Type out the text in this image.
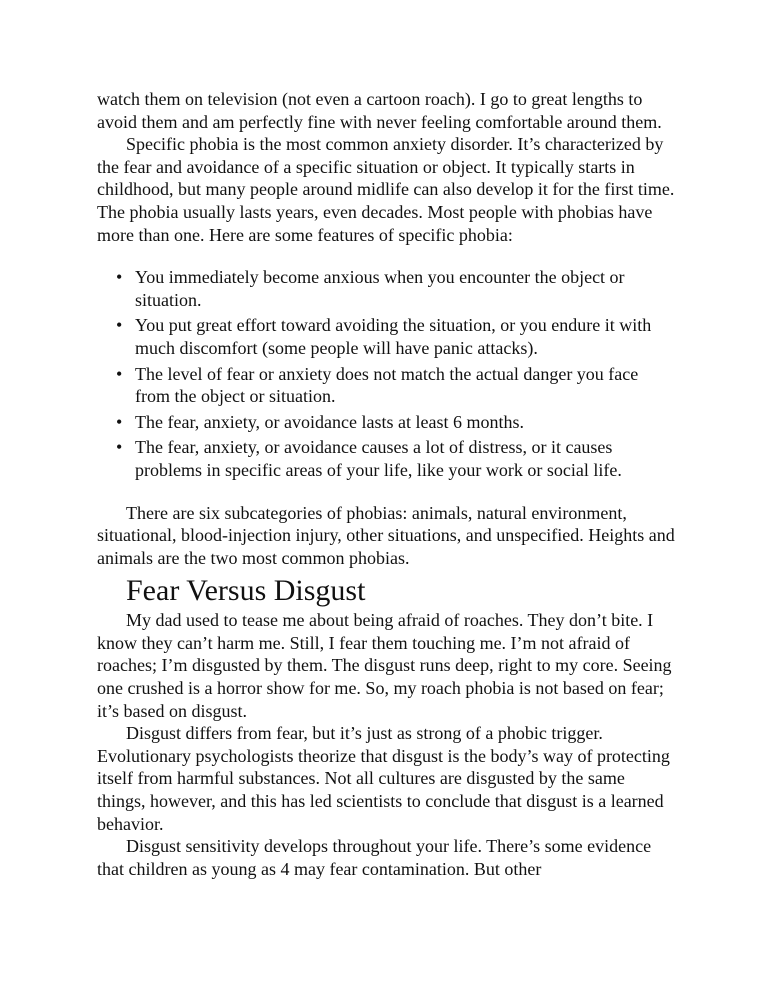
watch them on television (not even a cartoon roach). I go to great lengths to avoid them and am perfectly fine with never feeling comfortable around them.

Specific phobia is the most common anxiety disorder. It’s characterized by the fear and avoidance of a specific situation or object. It typically starts in childhood, but many people around midlife can also develop it for the first time. The phobia usually lasts years, even decades. Most people with phobias have more than one. Here are some features of specific phobia:

• You immediately become anxious when you encounter the object or situation.
• You put great effort toward avoiding the situation, or you endure it with much discomfort (some people will have panic attacks).
• The level of fear or anxiety does not match the actual danger you face from the object or situation.
• The fear, anxiety, or avoidance lasts at least 6 months.
• The fear, anxiety, or avoidance causes a lot of distress, or it causes problems in specific areas of your life, like your work or social life.

There are six subcategories of phobias: animals, natural environment, situational, blood-injection injury, other situations, and unspecified. Heights and animals are the two most common phobias.

Fear Versus Disgust

My dad used to tease me about being afraid of roaches. They don’t bite. I know they can’t harm me. Still, I fear them touching me. I’m not afraid of roaches; I’m disgusted by them. The disgust runs deep, right to my core. Seeing one crushed is a horror show for me. So, my roach phobia is not based on fear; it’s based on disgust.

Disgust differs from fear, but it’s just as strong of a phobic trigger. Evolutionary psychologists theorize that disgust is the body’s way of protecting itself from harmful substances. Not all cultures are disgusted by the same things, however, and this has led scientists to conclude that disgust is a learned behavior.

Disgust sensitivity develops throughout your life. There’s some evidence that children as young as 4 may fear contamination. But other
